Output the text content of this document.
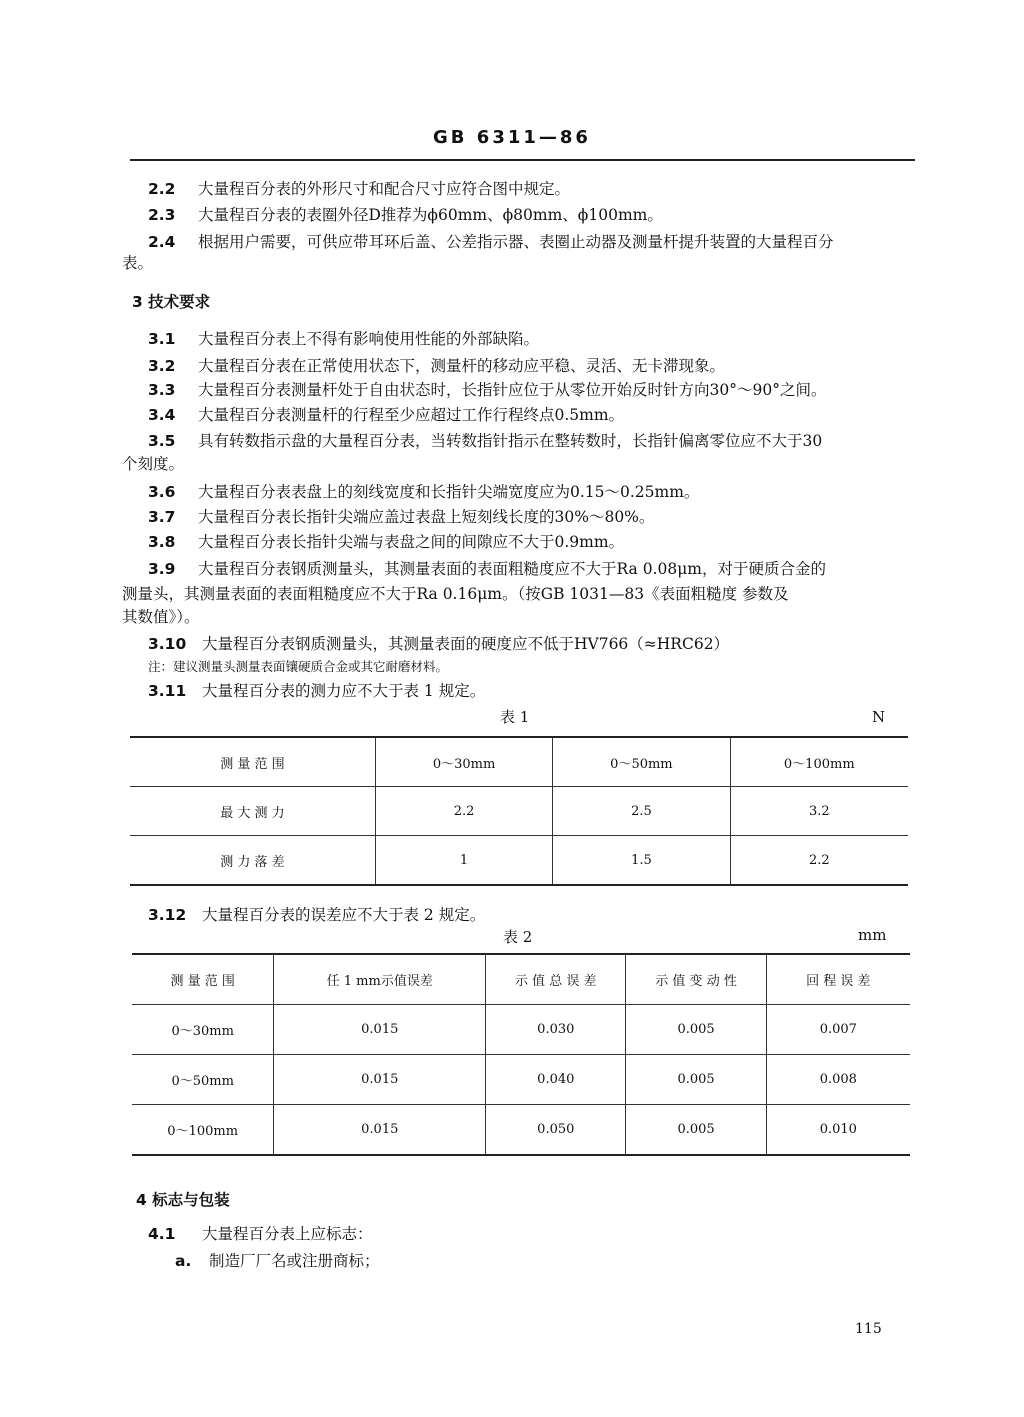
GB 6311—86
2.2 大量程百分表的外形尺寸和配合尺寸应符合图中规定。
2.3 大量程百分表的表圈外径D推荐为ϕ60mm、ϕ80mm、ϕ100mm。
2.4 根据用户需要，可供应带耳环后盖、公差指示器、表圈止动器及测量杆提升装置的大量程百分
表。
3 技术要求
3.1 大量程百分表上不得有影响使用性能的外部缺陷。
3.2 大量程百分表在正常使用状态下，测量杆的移动应平稳、灵活、无卡滞现象。
3.3 大量程百分表测量杆处于自由状态时，长指针应位于从零位开始反时针方向30°～90°之间。
3.4 大量程百分表测量杆的行程至少应超过工作行程终点0.5mm。
3.5 具有转数指示盘的大量程百分表，当转数指针指示在整转数时，长指针偏离零位应不大于30
个刻度。
3.6 大量程百分表表盘上的刻线宽度和长指针尖端宽度应为0.15～0.25mm。
3.7 大量程百分表长指针尖端应盖过表盘上短刻线长度的30%～80%。
3.8 大量程百分表长指针尖端与表盘之间的间隙应不大于0.9mm。
3.9 大量程百分表钢质测量头，其测量表面的表面粗糙度应不大于Ra 0.08μm，对于硬质合金的
测量头，其测量表面的表面粗糙度应不大于Ra 0.16μm。（按GB 1031—83《表面粗糙度 参数及
其数值》）。
3.10 大量程百分表钢质测量头，其测量表面的硬度应不低于HV766（≈HRC62）
注：建议测量头测量表面镶硬质合金或其它耐磨材料。
3.11 大量程百分表的测力应不大于表 1 规定。
表 1	N
测 量 范 围	0～30mm	0～50mm	0～100mm
最 大 测 力	2.2	2.5	3.2
测 力 落 差	1	1.5	2.2
3.12 大量程百分表的误差应不大于表 2 规定。
表 2	mm
测 量 范 围	任 1 mm示值误差	示 值 总 误 差	示 值 变 动 性	回 程 误 差
0～30mm	0.015	0.030	0.005	0.007
0～50mm	0.015	0.040	0.005	0.008
0～100mm	0.015	0.050	0.005	0.010
4 标志与包装
4.1 大量程百分表上应标志：
a. 制造厂厂名或注册商标；
115
